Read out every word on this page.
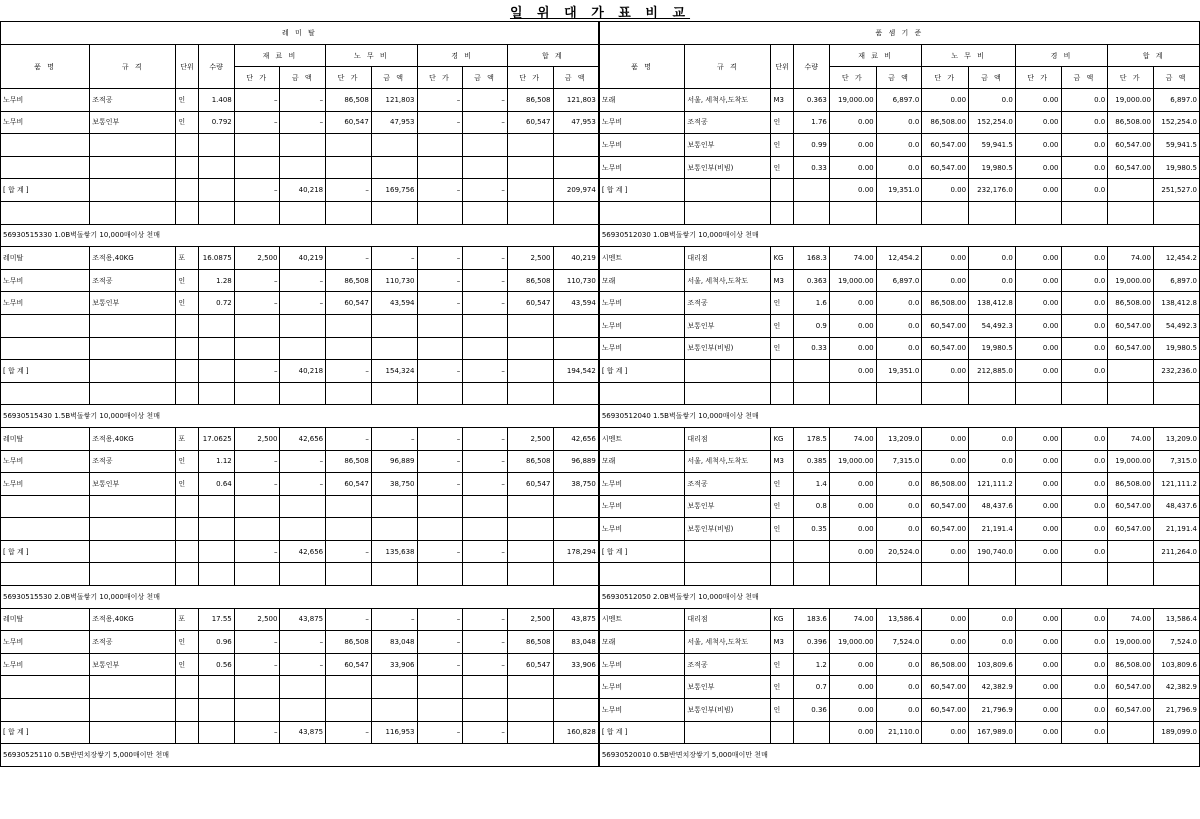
일 위 대 가 표 비 교
레 미 탈												품 셈 기 준											
품 명	규 격	단위	수량	재 료 비		노 무 비		경 비		합 계		품 명	규 격	단위	수량	재 료 비		노 무 비		경 비		합 계	
				단 가	금 액	단 가	금 액	단 가	금 액	단 가	금 액					단 가	금 액	단 가	금 액	단 가	금 액	단 가	금 액
노무비	조적공	인	1.408	–	–	86,508	121,803	–	–	86,508	121,803	모래	서울, 세척사,도착도	M3	0.363	19,000.00	6,897.0	0.00	0.0	0.00	0.0	19,000.00	6,897.0
노무비	보통인부	인	0.792	–	–	60,547	47,953	–	–	60,547	47,953	노무비	조적공	인	1.76	0.00	0.0	86,508.00	152,254.0	0.00	0.0	86,508.00	152,254.0
												노무비	보통인부	인	0.99	0.00	0.0	60,547.00	59,941.5	0.00	0.0	60,547.00	59,941.5
												노무비	보통인부(비빔)	인	0.33	0.00	0.0	60,547.00	19,980.5	0.00	0.0	60,547.00	19,980.5
[ 합 계 ]				–	40,218	–	169,756	–	–		209,974	[ 합 계 ]				0.00	19,351.0	0.00	232,176.0	0.00	0.0		251,527.0

56930515330 1.0B벽돌쌓기 10,000매이상 천매												56930512030 1.0B벽돌쌓기 10,000매이상 천매											
레미탈	조적용,40KG	포	16.0875	2,500	40,219	–	–	–	–	2,500	40,219	시멘트	대리점	KG	168.3	74.00	12,454.2	0.00	0.0	0.00	0.0	74.00	12,454.2
노무비	조적공	인	1.28	–	–	86,508	110,730	–	–	86,508	110,730	모래	서울, 세척사,도착도	M3	0.363	19,000.00	6,897.0	0.00	0.0	0.00	0.0	19,000.00	6,897.0
노무비	보통인부	인	0.72	–	–	60,547	43,594	–	–	60,547	43,594	노무비	조적공	인	1.6	0.00	0.0	86,508.00	138,412.8	0.00	0.0	86,508.00	138,412.8
												노무비	보통인부	인	0.9	0.00	0.0	60,547.00	54,492.3	0.00	0.0	60,547.00	54,492.3
												노무비	보통인부(비빔)	인	0.33	0.00	0.0	60,547.00	19,980.5	0.00	0.0	60,547.00	19,980.5
[ 합 계 ]				–	40,218	–	154,324	–	–		194,542	[ 합 계 ]				0.00	19,351.0	0.00	212,885.0	0.00	0.0		232,236.0

56930515430 1.5B벽돌쌓기 10,000매이상 천매												56930512040 1.5B벽돌쌓기 10,000매이상 천매											
레미탈	조적용,40KG	포	17.0625	2,500	42,656	–	–	–	–	2,500	42,656	시멘트	대리점	KG	178.5	74.00	13,209.0	0.00	0.0	0.00	0.0	74.00	13,209.0
노무비	조적공	인	1.12	–	–	86,508	96,889	–	–	86,508	96,889	모래	서울, 세척사,도착도	M3	0.385	19,000.00	7,315.0	0.00	0.0	0.00	0.0	19,000.00	7,315.0
노무비	보통인부	인	0.64	–	–	60,547	38,750	–	–	60,547	38,750	노무비	조적공	인	1.4	0.00	0.0	86,508.00	121,111.2	0.00	0.0	86,508.00	121,111.2
												노무비	보통인부	인	0.8	0.00	0.0	60,547.00	48,437.6	0.00	0.0	60,547.00	48,437.6
												노무비	보통인부(비빔)	인	0.35	0.00	0.0	60,547.00	21,191.4	0.00	0.0	60,547.00	21,191.4
[ 합 계 ]				–	42,656	–	135,638	–	–		178,294	[ 합 계 ]				0.00	20,524.0	0.00	190,740.0	0.00	0.0		211,264.0

56930515530 2.0B벽돌쌓기 10,000매이상 천매												56930512050 2.0B벽돌쌓기 10,000매이상 천매											
레미탈	조적용,40KG	포	17.55	2,500	43,875	–	–	–	–	2,500	43,875	시멘트	대리점	KG	183.6	74.00	13,586.4	0.00	0.0	0.00	0.0	74.00	13,586.4
노무비	조적공	인	0.96	–	–	86,508	83,048	–	–	86,508	83,048	모래	서울, 세척사,도착도	M3	0.396	19,000.00	7,524.0	0.00	0.0	0.00	0.0	19,000.00	7,524.0
노무비	보통인부	인	0.56	–	–	60,547	33,906	–	–	60,547	33,906	노무비	조적공	인	1.2	0.00	0.0	86,508.00	103,809.6	0.00	0.0	86,508.00	103,809.6
												노무비	보통인부	인	0.7	0.00	0.0	60,547.00	42,382.9	0.00	0.0	60,547.00	42,382.9
												노무비	보통인부(비빔)	인	0.36	0.00	0.0	60,547.00	21,796.9	0.00	0.0	60,547.00	21,796.9
[ 합 계 ]				–	43,875	–	116,953	–	–		160,828	[ 합 계 ]				0.00	21,110.0	0.00	167,989.0	0.00	0.0		189,099.0
56930525110 0.5B반면치장쌓기 5,000매이만 천매												56930520010 0.5B반면치장쌓기 5,000매이만 천매											
